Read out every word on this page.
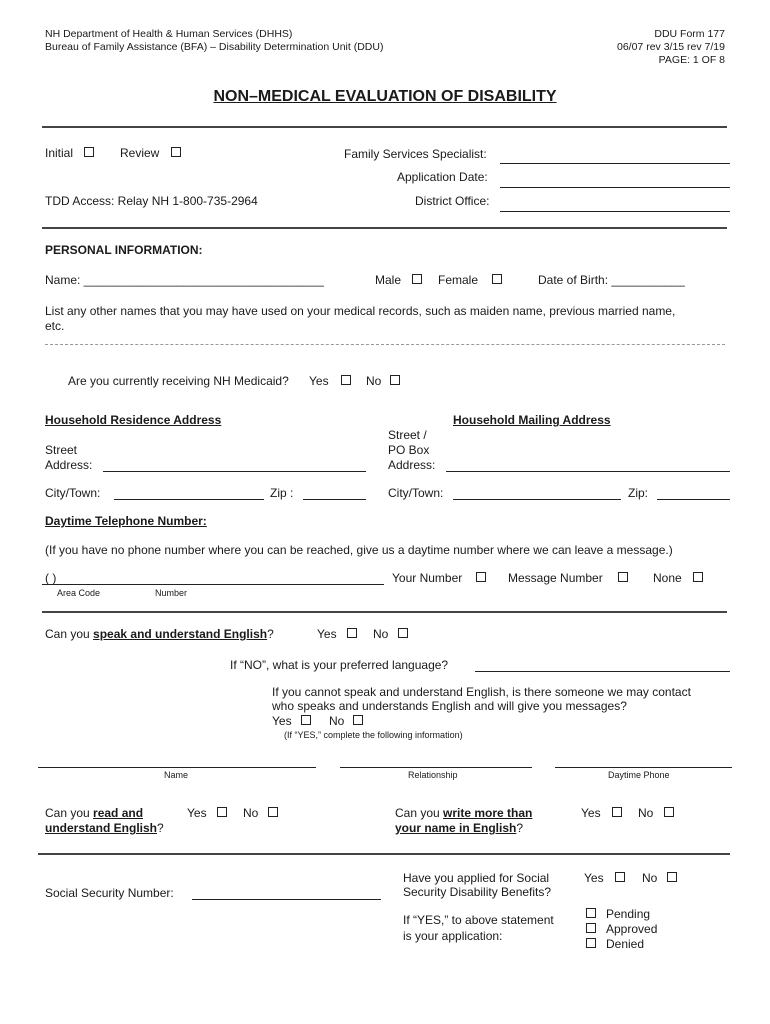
NH Department of Health & Human Services (DHHS)
Bureau of Family Assistance (BFA) – Disability Determination Unit (DDU)
DDU Form 177
06/07 rev 3/15 rev 7/19
PAGE: 1 OF 8
NON–MEDICAL EVALUATION OF DISABILITY
Initial	Review	Family Services Specialist:
Application Date:
District Office:
TDD Access: Relay NH 1-800-735-2964
PERSONAL INFORMATION:
Name: ____________________________________	Male	Female	Date of Birth: ___________
List any other names that you may have used on your medical records, such as maiden name, previous married name,
etc.
Are you currently receiving NH Medicaid? Yes	No
Household Residence Address	Household Mailing Address
Street
Address:
Street /
PO Box
Address:
City/Town:	Zip :	City/Town:	Zip:
Daytime Telephone Number:
(If you have no phone number where you can be reached, give us a daytime number where we can leave a message.)
( )
Area Code	Number
Your Number	Message Number	None
Can you speak and understand English?	Yes	No
If “NO”, what is your preferred language?
If you cannot speak and understand English, is there someone we may contact
who speaks and understands English and will give you messages?
Yes	No
(If “YES,” complete the following information)
Name	Relationship	Daytime Phone
Can you read and
understand English?
Yes	No	Can you write more than
your name in English?
Yes	No
Social Security Number:
Have you applied for Social
Security Disability Benefits?
Yes	No
If “YES,” to above statement
is your application:
Pending
Approved
Denied
